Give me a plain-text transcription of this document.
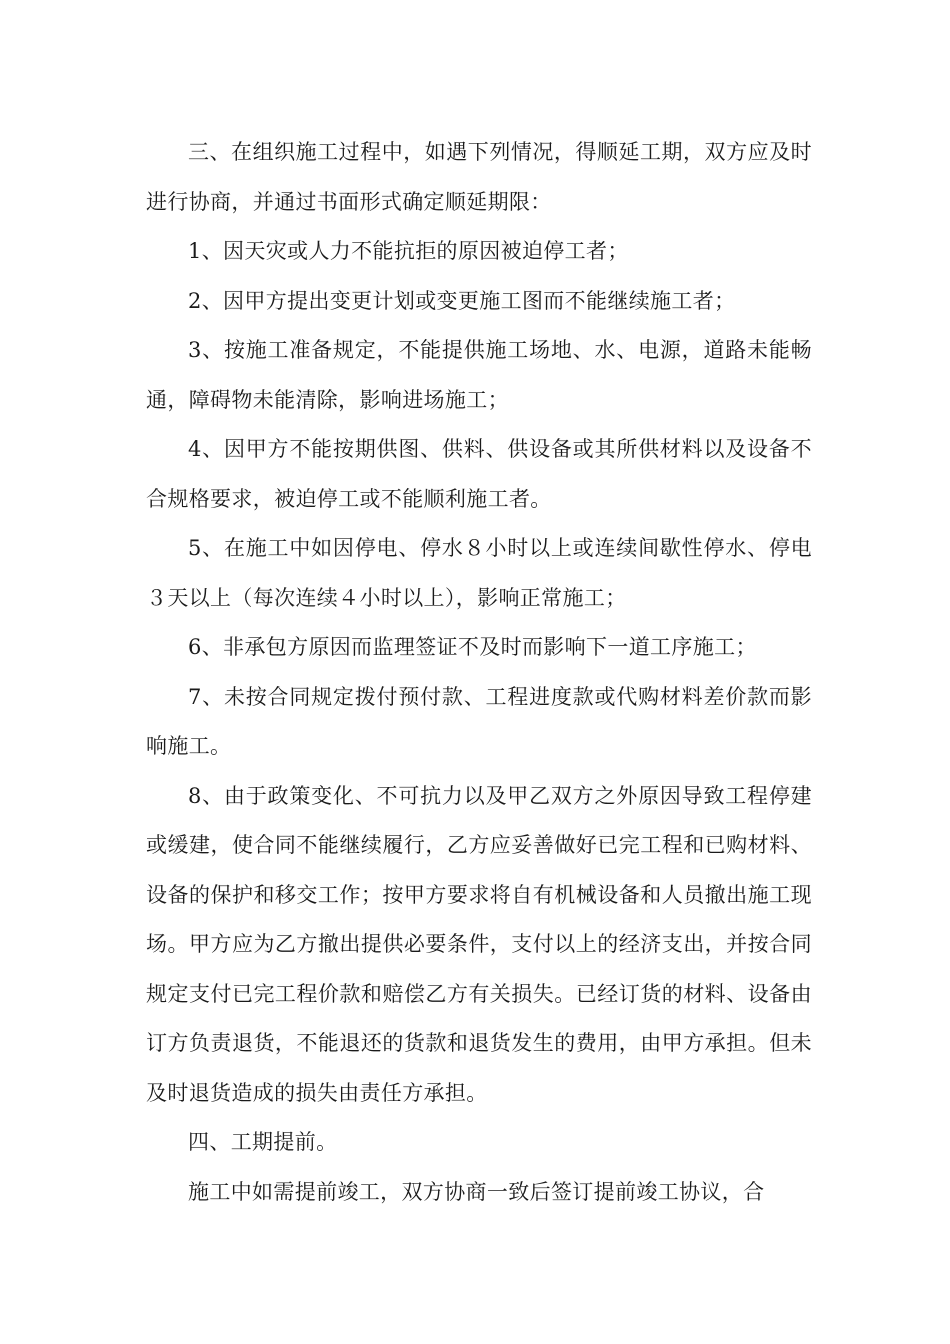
三、在组织施工过程中，如遇下列情况，得顺延工期，双方应及时进行协商，并通过书面形式确定顺延期限：

1、因天灾或人力不能抗拒的原因被迫停工者；

2、因甲方提出变更计划或变更施工图而不能继续施工者；

3、按施工准备规定，不能提供施工场地、水、电源，道路未能畅通，障碍物未能清除，影响进场施工；

4、因甲方不能按期供图、供料、供设备或其所供材料以及设备不合规格要求，被迫停工或不能顺利施工者。

5、在施工中如因停电、停水８小时以上或连续间歇性停水、停电３天以上（每次连续４小时以上），影响正常施工；

6、非承包方原因而监理签证不及时而影响下一道工序施工；

7、未按合同规定拨付预付款、工程进度款或代购材料差价款而影响施工。

8、由于政策变化、不可抗力以及甲乙双方之外原因导致工程停建或缓建，使合同不能继续履行，乙方应妥善做好已完工程和已购材料、设备的保护和移交工作；按甲方要求将自有机械设备和人员撤出施工现场。甲方应为乙方撤出提供必要条件，支付以上的经济支出，并按合同规定支付已完工程价款和赔偿乙方有关损失。已经订货的材料、设备由订方负责退货，不能退还的货款和退货发生的费用，由甲方承担。但未及时退货造成的损失由责任方承担。

四、工期提前。

施工中如需提前竣工，双方协商一致后签订提前竣工协议，合
